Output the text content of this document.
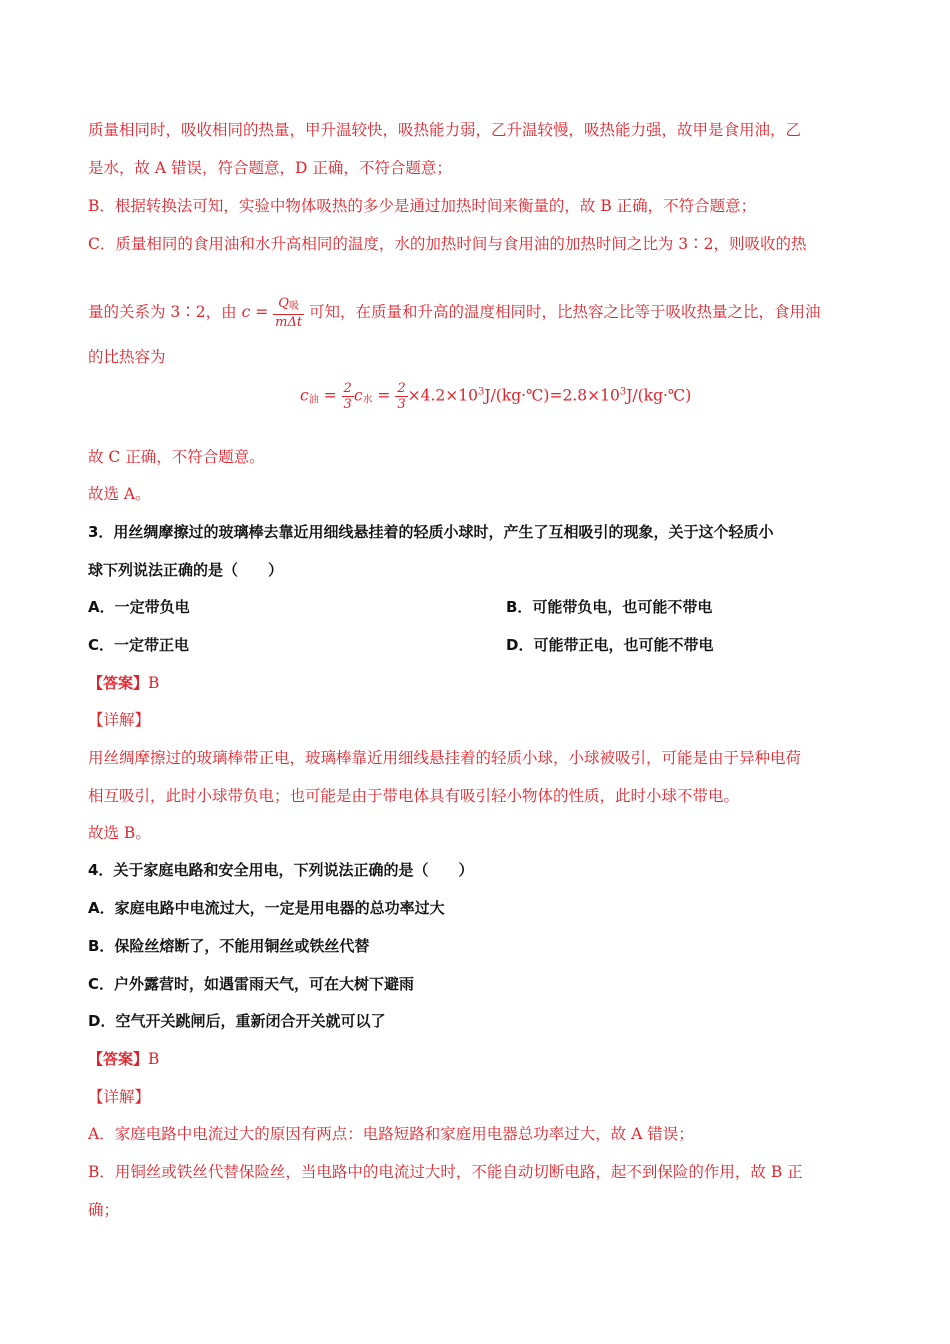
质量相同时，吸收相同的热量，甲升温较快，吸热能力弱，乙升温较慢，吸热能力强，故甲是食用油，乙
是水，故 A 错误，符合题意，D 正确，不符合题意；
B．根据转换法可知，实验中物体吸热的多少是通过加热时间来衡量的，故 B 正确，不符合题意；
C．质量相同的食用油和水升高相同的温度，水的加热时间与食用油的加热时间之比为 3∶2，则吸收的热
量的关系为 3∶2，由 $c = \frac{Q_吸}{\text{mΔt}}$ 可知，在质量和升高的温度相同时，比热容之比等于吸收热量之比，食用油
的比热容为
$c_油 = \frac{2}{3} c_水 = \frac{2}{3}$ $\times 4.2\times 10^3J/(kg\cdot℃)=2.8\times 10^3J/(kg\cdot℃)$
故 C 正确，不符合题意。
故选 A。
3．用丝绸摩擦过的玻璃棒去靠近用细线悬挂着的轻质小球时，产生了互相吸引的现象，关于这个轻质小
球下列说法正确的是（　　）
A．一定带负电	B．可能带负电，也可能不带电
C．一定带正电	D．可能带正电，也可能不带电
【答案】B
【详解】
用丝绸摩擦过的玻璃棒带正电，玻璃棒靠近用细线悬挂着的轻质小球，小球被吸引，可能是由于异种电荷
相互吸引，此时小球带负电；也可能是由于带电体具有吸引轻小物体的性质，此时小球不带电。
故选 B。
4．关于家庭电路和安全用电，下列说法正确的是（　　）
A．家庭电路中电流过大，一定是用电器的总功率过大
B．保险丝熔断了，不能用铜丝或铁丝代替
C．户外露营时，如遇雷雨天气，可在大树下避雨
D．空气开关跳闸后，重新闭合开关就可以了
【答案】B
【详解】
A．家庭电路中电流过大的原因有两点：电路短路和家庭用电器总功率过大，故 A 错误；
B．用铜丝或铁丝代替保险丝，当电路中的电流过大时，不能自动切断电路，起不到保险的作用，故 B 正
确；
